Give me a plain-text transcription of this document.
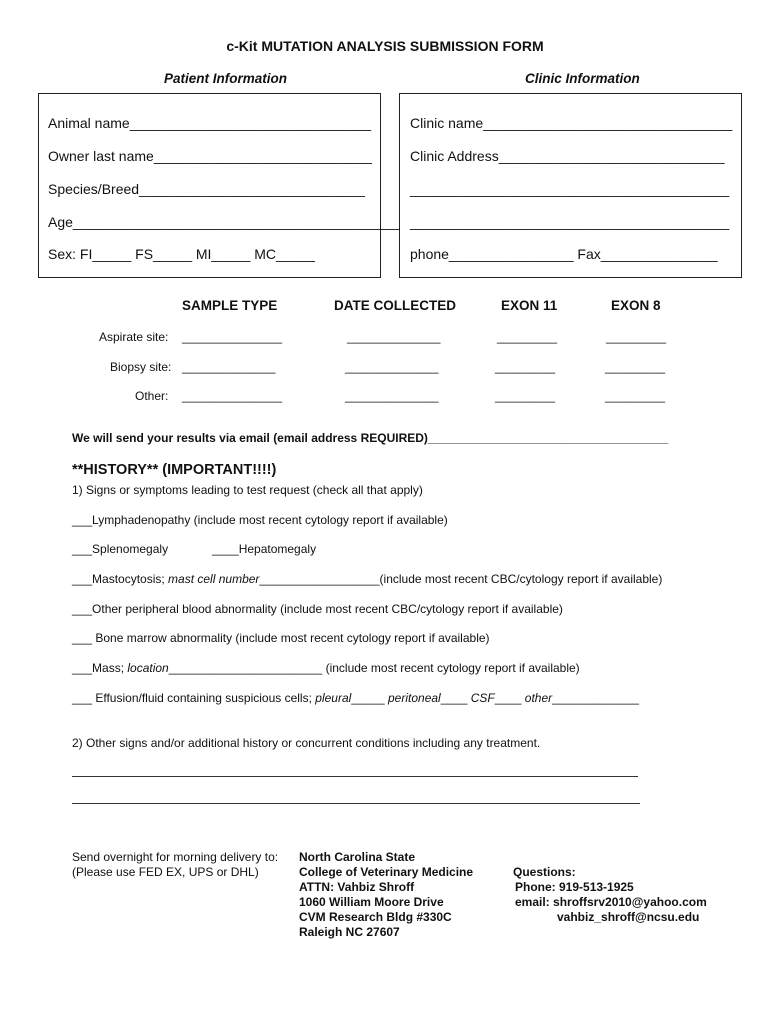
c-Kit MUTATION ANALYSIS SUBMISSION FORM
Patient Information	Clinic Information
Animal name_______________________________
Owner last name____________________________
Species/Breed_____________________________
Age__________________________________________
Sex: FI_____ FS_____ MI_____ MC_____
Clinic name________________________________
Clinic Address_____________________________
_________________________________________
_________________________________________
phone________________ Fax_______________
SAMPLE TYPE	DATE COLLECTED	EXON 11	EXON 8
Aspirate site: _______________	______________	_________	_________
Biopsy site: ______________	______________	_________	_________
Other: _______________	______________	_________	_________
We will send your results via email (email address REQUIRED)____________________________________
**HISTORY** (IMPORTANT!!!!)
1) Signs or symptoms leading to test request (check all that apply)
___Lymphadenopathy (include most recent cytology report if available)
___Splenomegaly	____Hepatomegaly
___Mastocytosis; mast cell number__________________(include most recent CBC/cytology report if available)
___Other peripheral blood abnormality (include most recent CBC/cytology report if available)
___ Bone marrow abnormality (include most recent cytology report if available)
___Mass; location_______________________ (include most recent cytology report if available)
___ Effusion/fluid containing suspicious cells; pleural_____ peritoneal____ CSF____ other_____________
2) Other signs and/or additional history or concurrent conditions including any treatment.
Send overnight for morning delivery to:
(Please use FED EX, UPS or DHL)
North Carolina State
College of Veterinary Medicine
ATTN: Vahbiz Shroff
1060 William Moore Drive
CVM Research Bldg #330C
Raleigh NC 27607
Questions:
Phone: 919-513-1925
email: shroffsrv2010@yahoo.com
vahbiz_shroff@ncsu.edu
